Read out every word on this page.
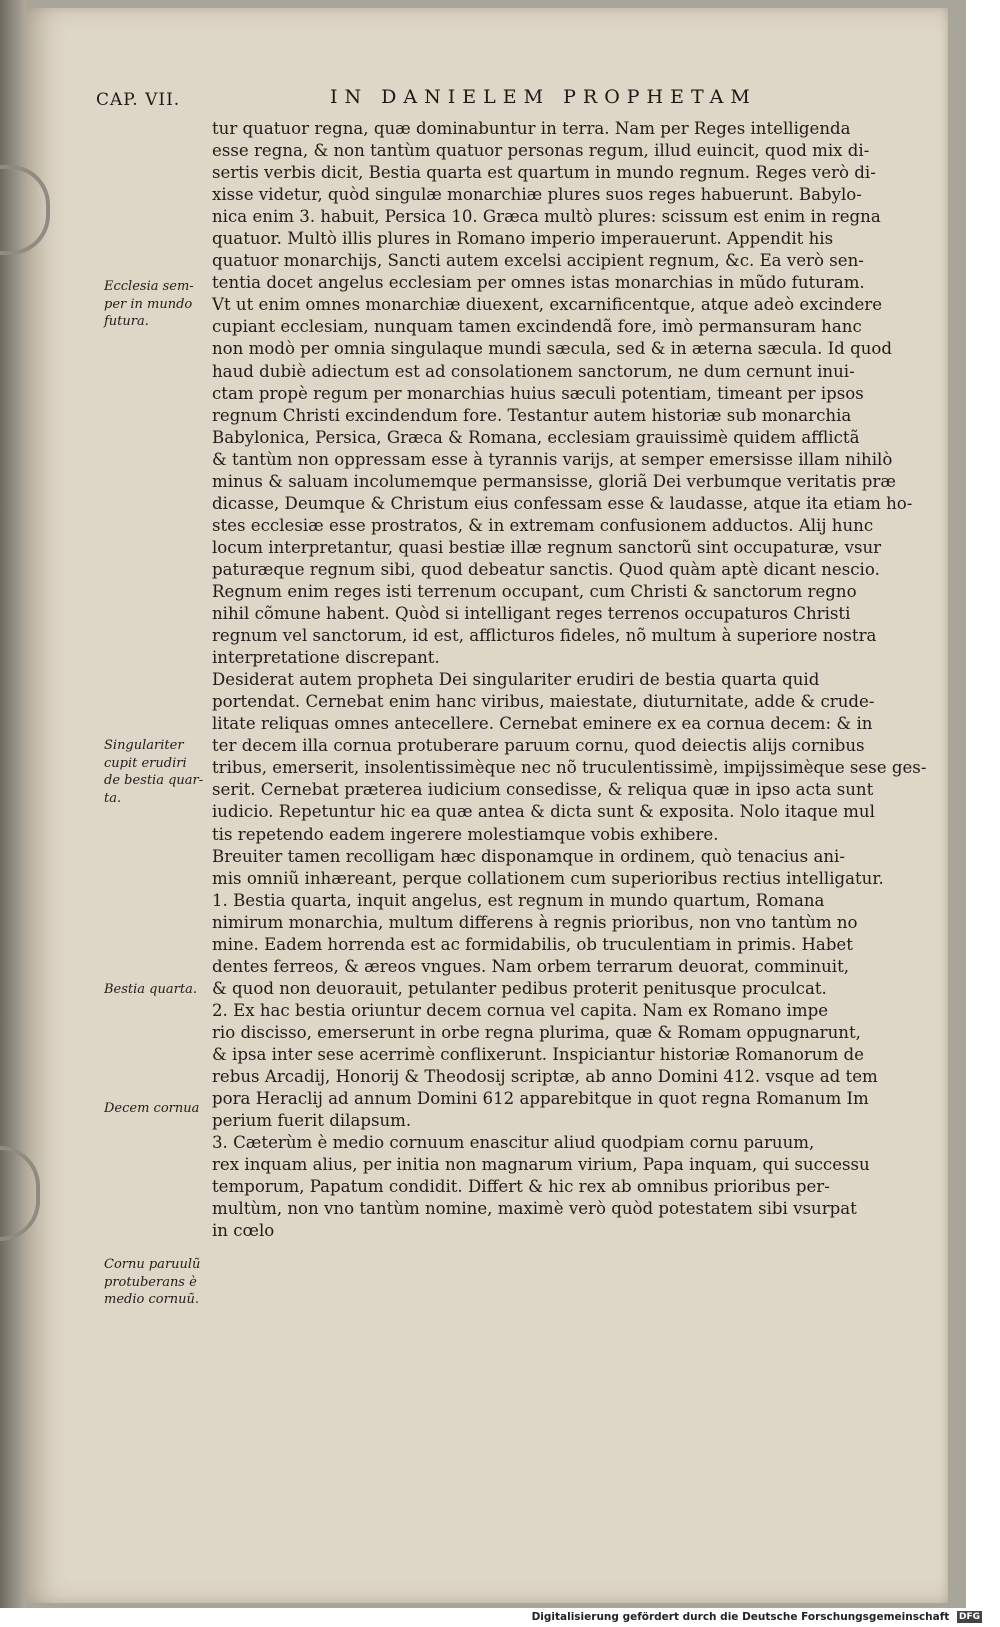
CAP. VII.	IN DANIELEM PROPHETAM
Ecclesia sem-
per in mundo
futura.
Singulariter
cupit erudiri
de bestia quar-
ta.
Bestia quarta.
Decem cornua
Cornu paruulũ
protuberans è
medio cornuũ.
tur quatuor regna, quæ dominabuntur in terra. Nam per Reges intelligenda
esse regna, & non tantùm quatuor personas regum, illud euincit, quod mix di-
sertis verbis dicit, Bestia quarta est quartum in mundo regnum. Reges verò di-
xisse videtur, quòd singulæ monarchiæ plures suos reges habuerunt. Babylo-
nica enim 3. habuit, Persica 10. Græca multò plures: scissum est enim in regna
quatuor. Multò illis plures in Romano imperio imperauerunt. Appendit his
quatuor monarchijs, Sancti autem excelsi accipient regnum, &c. Ea verò sen-
tentia docet angelus ecclesiam per omnes istas monarchias in mũdo futuram.
Vt ut enim omnes monarchiæ diuexent, excarnificentque, atque adeò excindere
cupiant ecclesiam, nunquam tamen excindendã fore, imò permansuram hanc
non modò per omnia singulaque mundi sæcula, sed & in æterna sæcula. Id quod
haud dubiè adiectum est ad consolationem sanctorum, ne dum cernunt inui-
ctam propè regum per monarchias huius sæculi potentiam, timeant per ipsos
regnum Christi excindendum fore. Testantur autem historiæ sub monarchia
Babylonica, Persica, Græca & Romana, ecclesiam grauissimè quidem afflictã
& tantùm non oppressam esse à tyrannis varijs, at semper emersisse illam nihilò
minus & saluam incolumemque permansisse, gloriã Dei verbumque veritatis præ
dicasse, Deumque & Christum eius confessam esse & laudasse, atque ita etiam ho-
stes ecclesiæ esse prostratos, & in extremam confusionem adductos. Alij hunc
locum interpretantur, quasi bestiæ illæ regnum sanctorũ sint occupaturæ, vsur
paturæque regnum sibi, quod debeatur sanctis. Quod quàm aptè dicant nescio.
Regnum enim reges isti terrenum occupant, cum Christi & sanctorum regno
nihil cõmune habent. Quòd si intelligant reges terrenos occupaturos Christi
regnum vel sanctorum, id est, afflicturos fideles, nõ multum à superiore nostra
interpretatione discrepant.
Desiderat autem propheta Dei singulariter erudiri de bestia quarta quid
portendat. Cernebat enim hanc viribus, maiestate, diuturnitate, adde & crude-
litate reliquas omnes antecellere. Cernebat eminere ex ea cornua decem: & in
ter decem illa cornua protuberare paruum cornu, quod deiectis alijs cornibus
tribus, emerserit, insolentissimèque nec nõ truculentissimè, impijssimèque sese ges-
serit. Cernebat præterea iudicium consedisse, & reliqua quæ in ipso acta sunt
iudicio. Repetuntur hic ea quæ antea & dicta sunt & exposita. Nolo itaque mul
tis repetendo eadem ingerere molestiamque vobis exhibere.
Breuiter tamen recolligam hæc disponamque in ordinem, quò tenacius ani-
mis omniũ inhæreant, perque collationem cum superioribus rectius intelligatur.
1. Bestia quarta, inquit angelus, est regnum in mundo quartum, Romana
nimirum monarchia, multum differens à regnis prioribus, non vno tantùm no
mine. Eadem horrenda est ac formidabilis, ob truculentiam in primis. Habet
dentes ferreos, & æreos vngues. Nam orbem terrarum deuorat, comminuit,
& quod non deuorauit, petulanter pedibus proterit penitusque proculcat.
2. Ex hac bestia oriuntur decem cornua vel capita. Nam ex Romano impe
rio discisso, emerserunt in orbe regna plurima, quæ & Romam oppugnarunt,
& ipsa inter sese acerrimè conflixerunt. Inspiciantur historiæ Romanorum de
rebus Arcadij, Honorij & Theodosij scriptæ, ab anno Domini 412. vsque ad tem
pora Heraclij ad annum Domini 612 apparebitque in quot regna Romanum Im
perium fuerit dilapsum.
3. Cæterùm è medio cornuum enascitur aliud quodpiam cornu paruum,
rex inquam alius, per initia non magnarum virium, Papa inquam, qui successu
temporum, Papatum condidit. Differt & hic rex ab omnibus prioribus per-
multùm, non vno tantùm nomine, maximè verò quòd potestatem sibi vsurpat
in cœlo
Digitalisierung gefördert durch die Deutsche Forschungsgemeinschaft DFG
